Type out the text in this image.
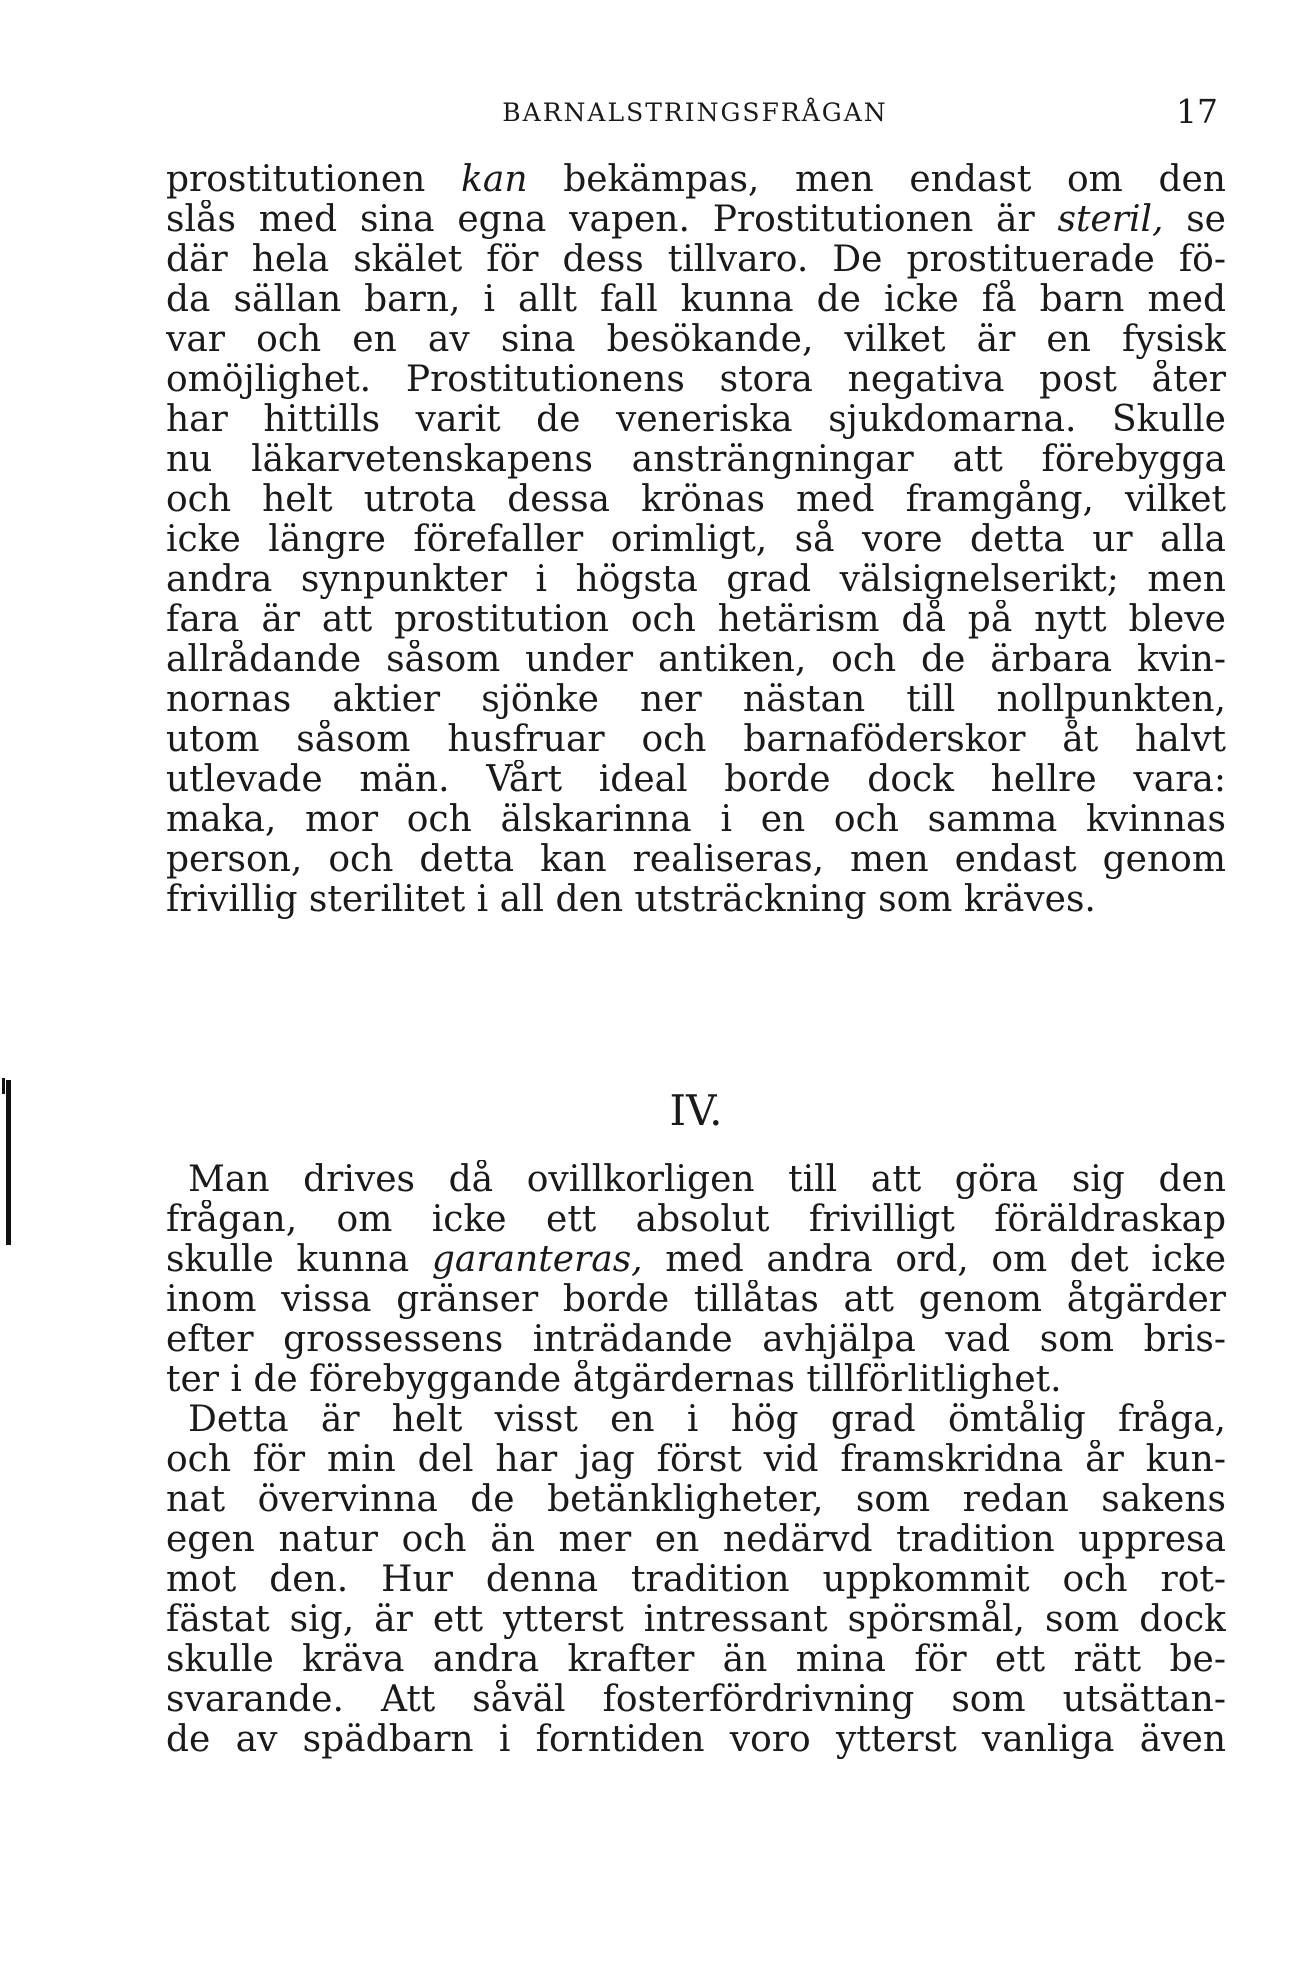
BARNALSTRINGSFRÅGAN	17
prostitutionen kan bekämpas, men endast om den
slås med sina egna vapen. Prostitutionen är steril, se
där hela skälet för dess tillvaro. De prostituerade fö-
da sällan barn, i allt fall kunna de icke få barn med
var och en av sina besökande, vilket är en fysisk
omöjlighet. Prostitutionens stora negativa post åter
har hittills varit de veneriska sjukdomarna. Skulle
nu läkarvetenskapens ansträngningar att förebygga
och helt utrota dessa krönas med framgång, vilket
icke längre förefaller orimligt, så vore detta ur alla
andra synpunkter i högsta grad välsignelserikt; men
fara är att prostitution och hetärism då på nytt bleve
allrådande såsom under antiken, och de ärbara kvin-
nornas aktier sjönke ner nästan till nollpunkten,
utom såsom husfruar och barnaföderskor åt halvt
utlevade män. Vårt ideal borde dock hellre vara:
maka, mor och älskarinna i en och samma kvinnas
person, och detta kan realiseras, men endast genom
frivillig sterilitet i all den utsträckning som kräves.
IV.
Man drives då ovillkorligen till att göra sig den
frågan, om icke ett absolut frivilligt föräldraskap
skulle kunna garanteras, med andra ord, om det icke
inom vissa gränser borde tillåtas att genom åtgärder
efter grossessens inträdande avhjälpa vad som bris-
ter i de förebyggande åtgärdernas tillförlitlighet.
Detta är helt visst en i hög grad ömtålig fråga,
och för min del har jag först vid framskridna år kun-
nat övervinna de betänkligheter, som redan sakens
egen natur och än mer en nedärvd tradition uppresa
mot den. Hur denna tradition uppkommit och rot-
fästat sig, är ett ytterst intressant spörsmål, som dock
skulle kräva andra krafter än mina för ett rätt be-
svarande. Att såväl fosterfördrivning som utsättan-
de av spädbarn i forntiden voro ytterst vanliga även
